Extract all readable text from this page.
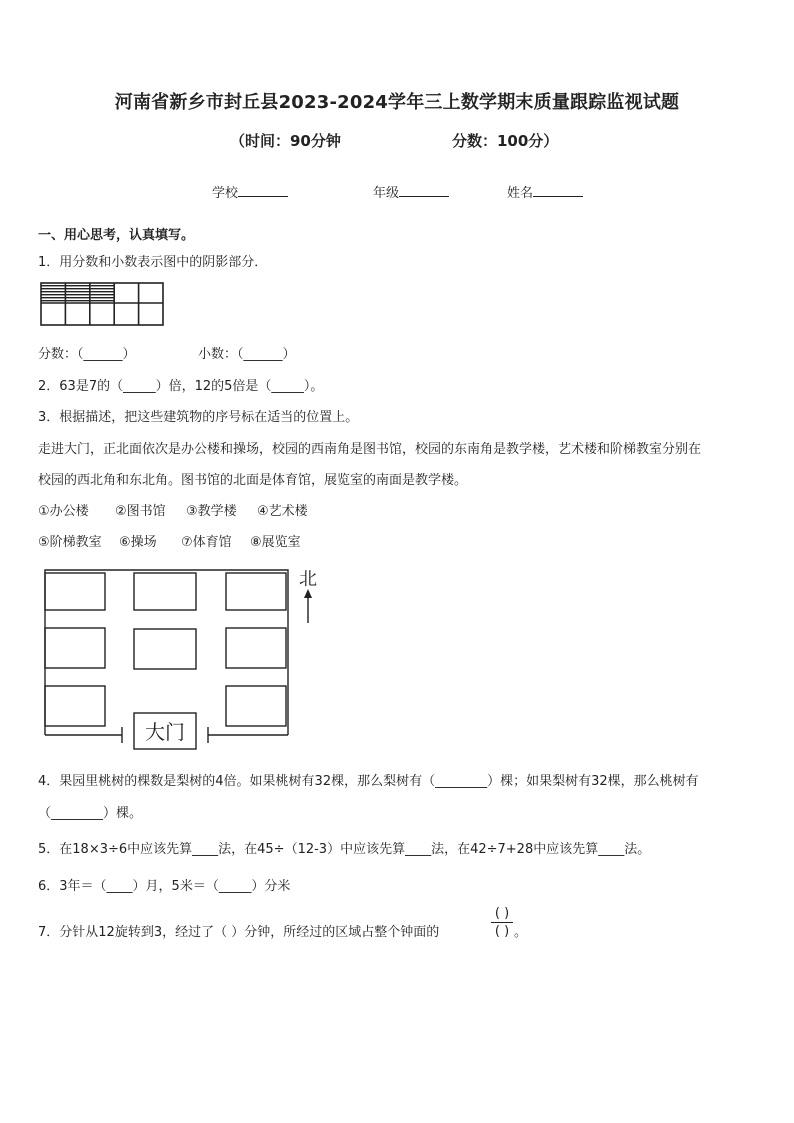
河南省新乡市封丘县2023-2024学年三上数学期末质量跟踪监视试题
（时间：90分钟	分数：100分）
学校	年级	姓名
一、用心思考，认真填写。
1．用分数和小数表示图中的阴影部分．
分数：（______）	小数：（______）
2．63是7的（_____）倍，12的5倍是（_____）。
3．根据描述，把这些建筑物的序号标在适当的位置上。
走进大门，正北面依次是办公楼和操场，校园的西南角是图书馆，校园的东南角是教学楼，艺术楼和阶梯教室分别在
校园的西北角和东北角。图书馆的北面是体育馆，展览室的南面是教学楼。
①办公楼 ②图书馆 ③教学楼 ④艺术楼
⑤阶梯教室 ⑥操场 ⑦体育馆 ⑧展览室
北
大门
4．果园里桃树的棵数是梨树的4倍。如果桃树有32棵，那么梨树有（________）棵；如果梨树有32棵，那么桃树有
（________）棵。
5．在18×3÷6中应该先算____法，在45÷（12-3）中应该先算____法，在42÷7+28中应该先算____法。
6．3年＝（____）月，5米＝（_____）分米
7．分针从12旋转到3，经过了（ ）分钟，所经过的区域占整个钟面的
( )
( ) 。
